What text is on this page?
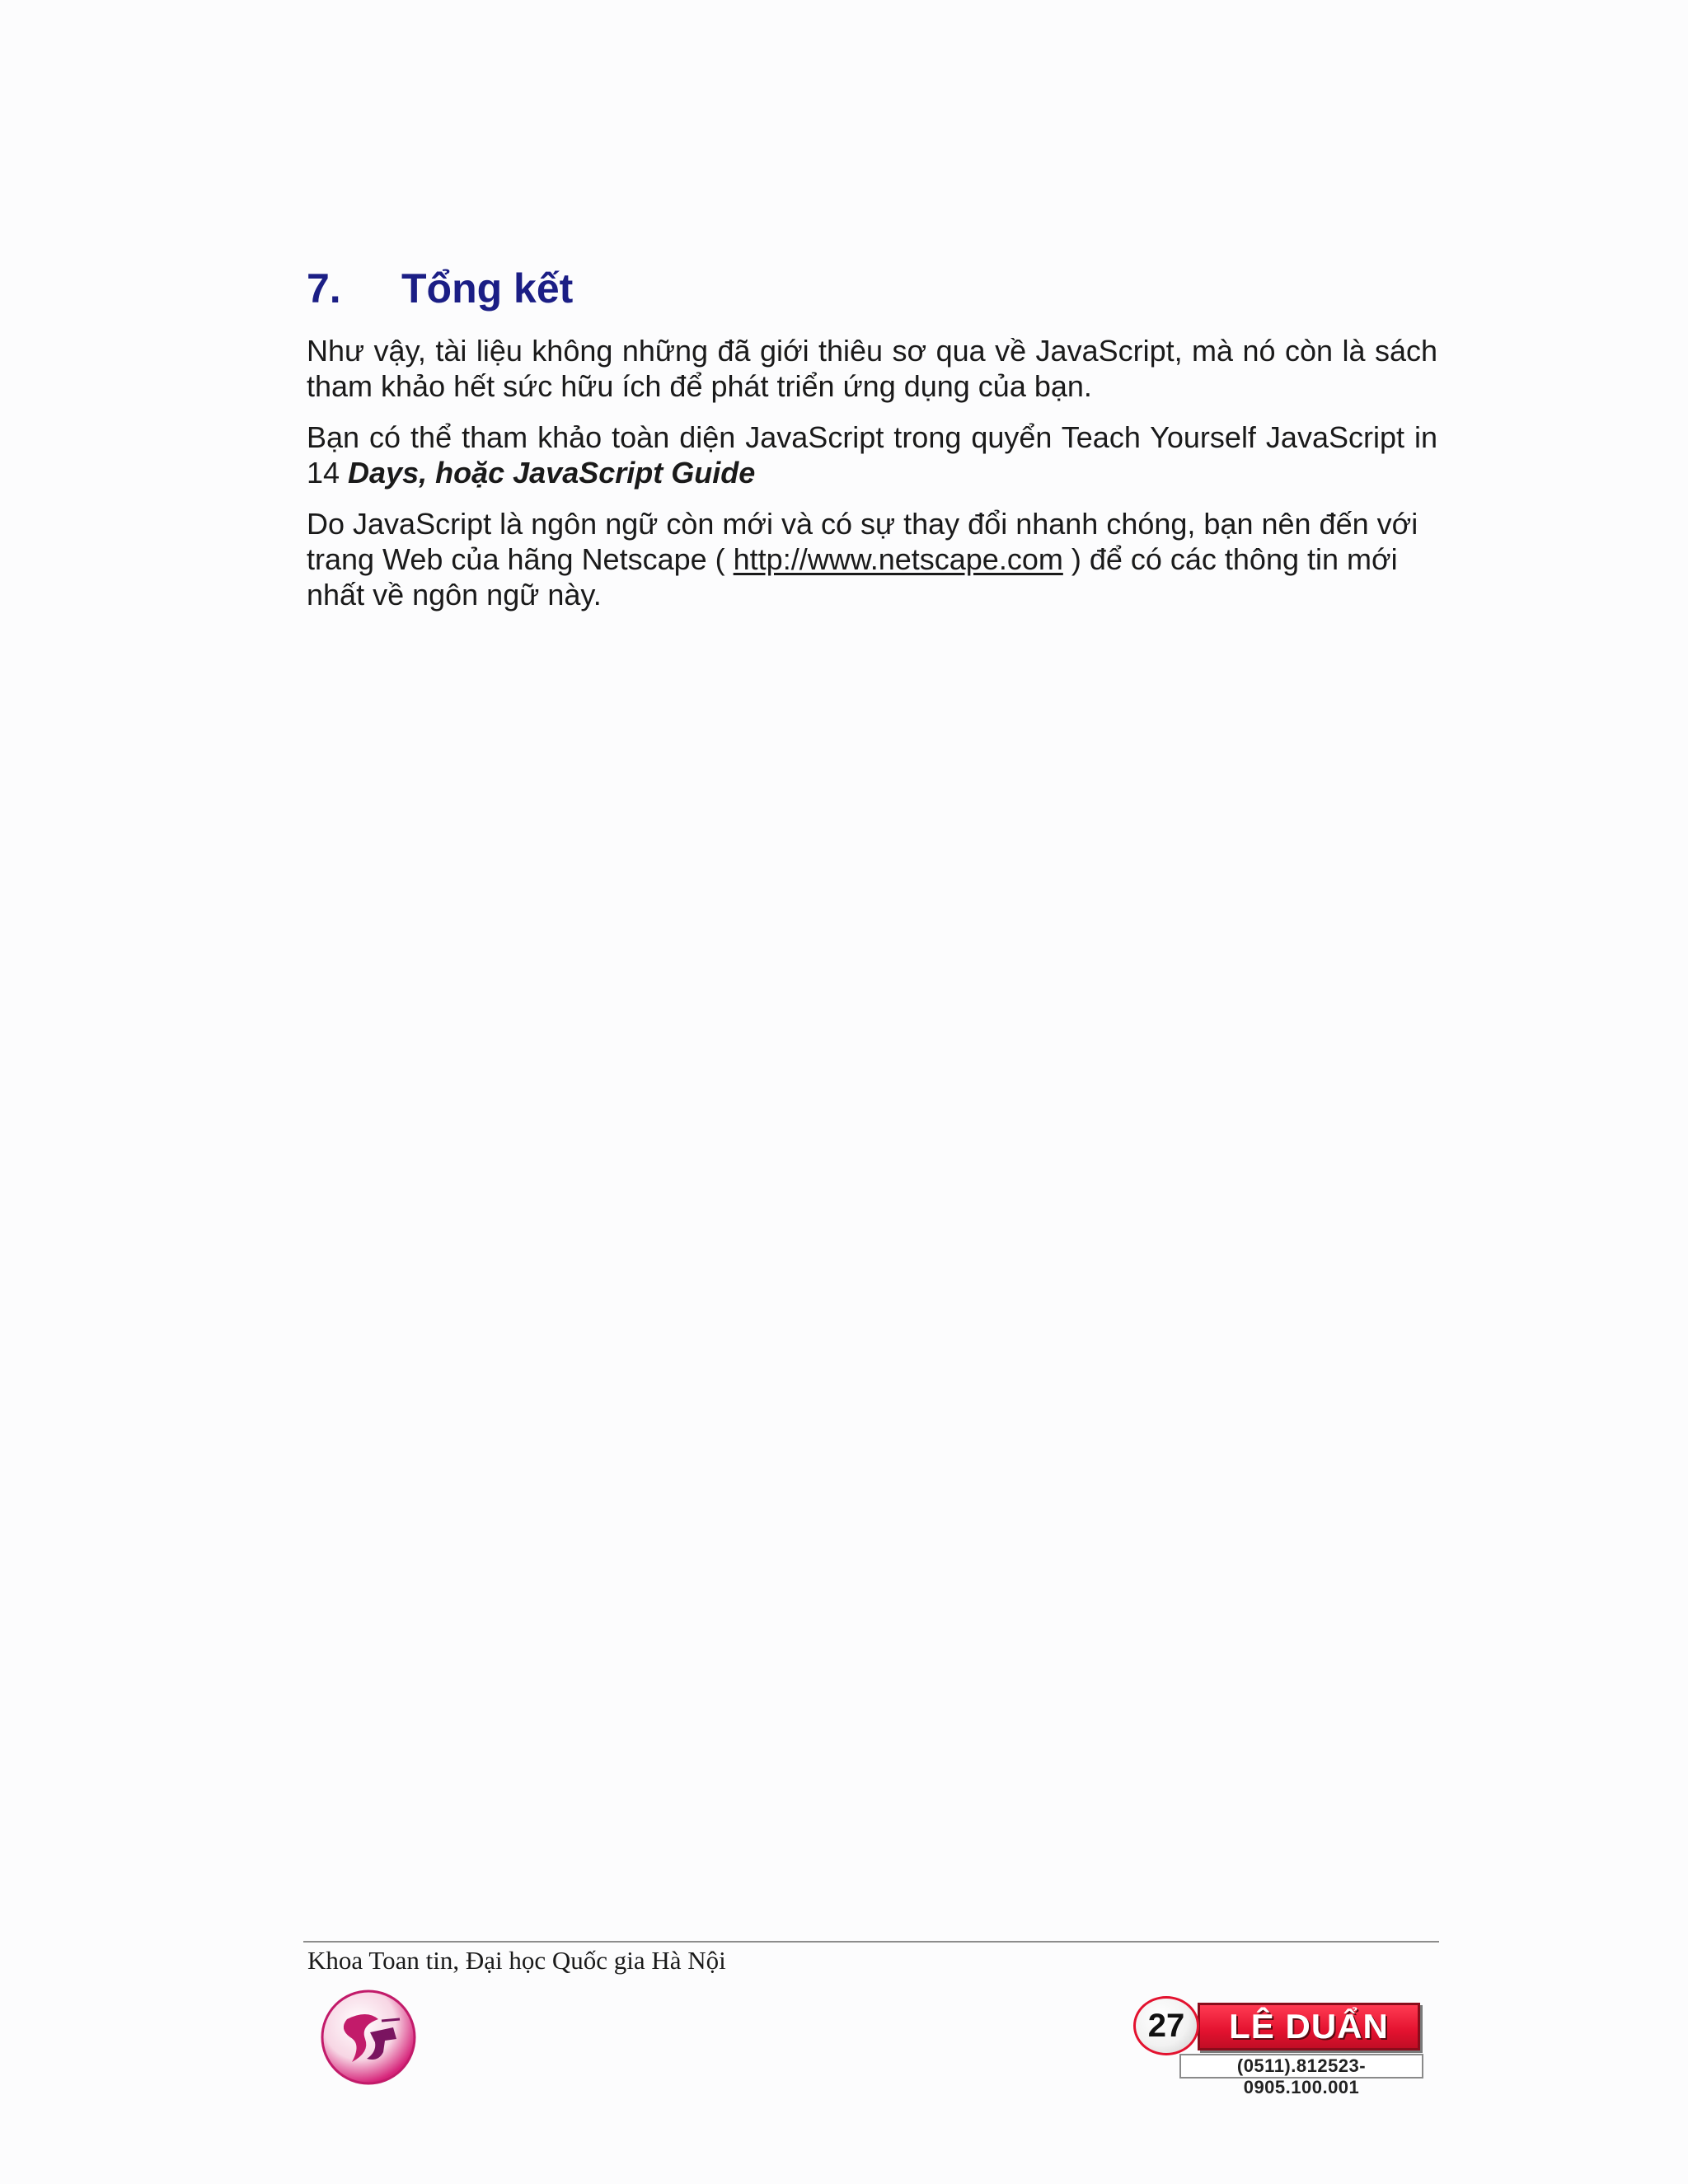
7.	Tổng kết

Như vậy, tài liệu không những đã giới thiêu sơ qua về JavaScript, mà nó còn là sách tham khảo hết sức hữu ích để phát triển ứng dụng của bạn.

Bạn có thể tham khảo toàn diện JavaScript trong quyển Teach Yourself JavaScript in 14 Days, hoặc JavaScript Guide

Do JavaScript là ngôn ngữ còn mới và có sự thay đổi nhanh chóng, bạn nên đến với trang Web của hãng Netscape ( http://www.netscape.com ) để có các thông tin mới nhất về ngôn ngữ này.

Khoa Toan tin, Đại học Quốc gia Hà Nội
LÊ DUẨN
27
(0511).812523-0905.100.001
